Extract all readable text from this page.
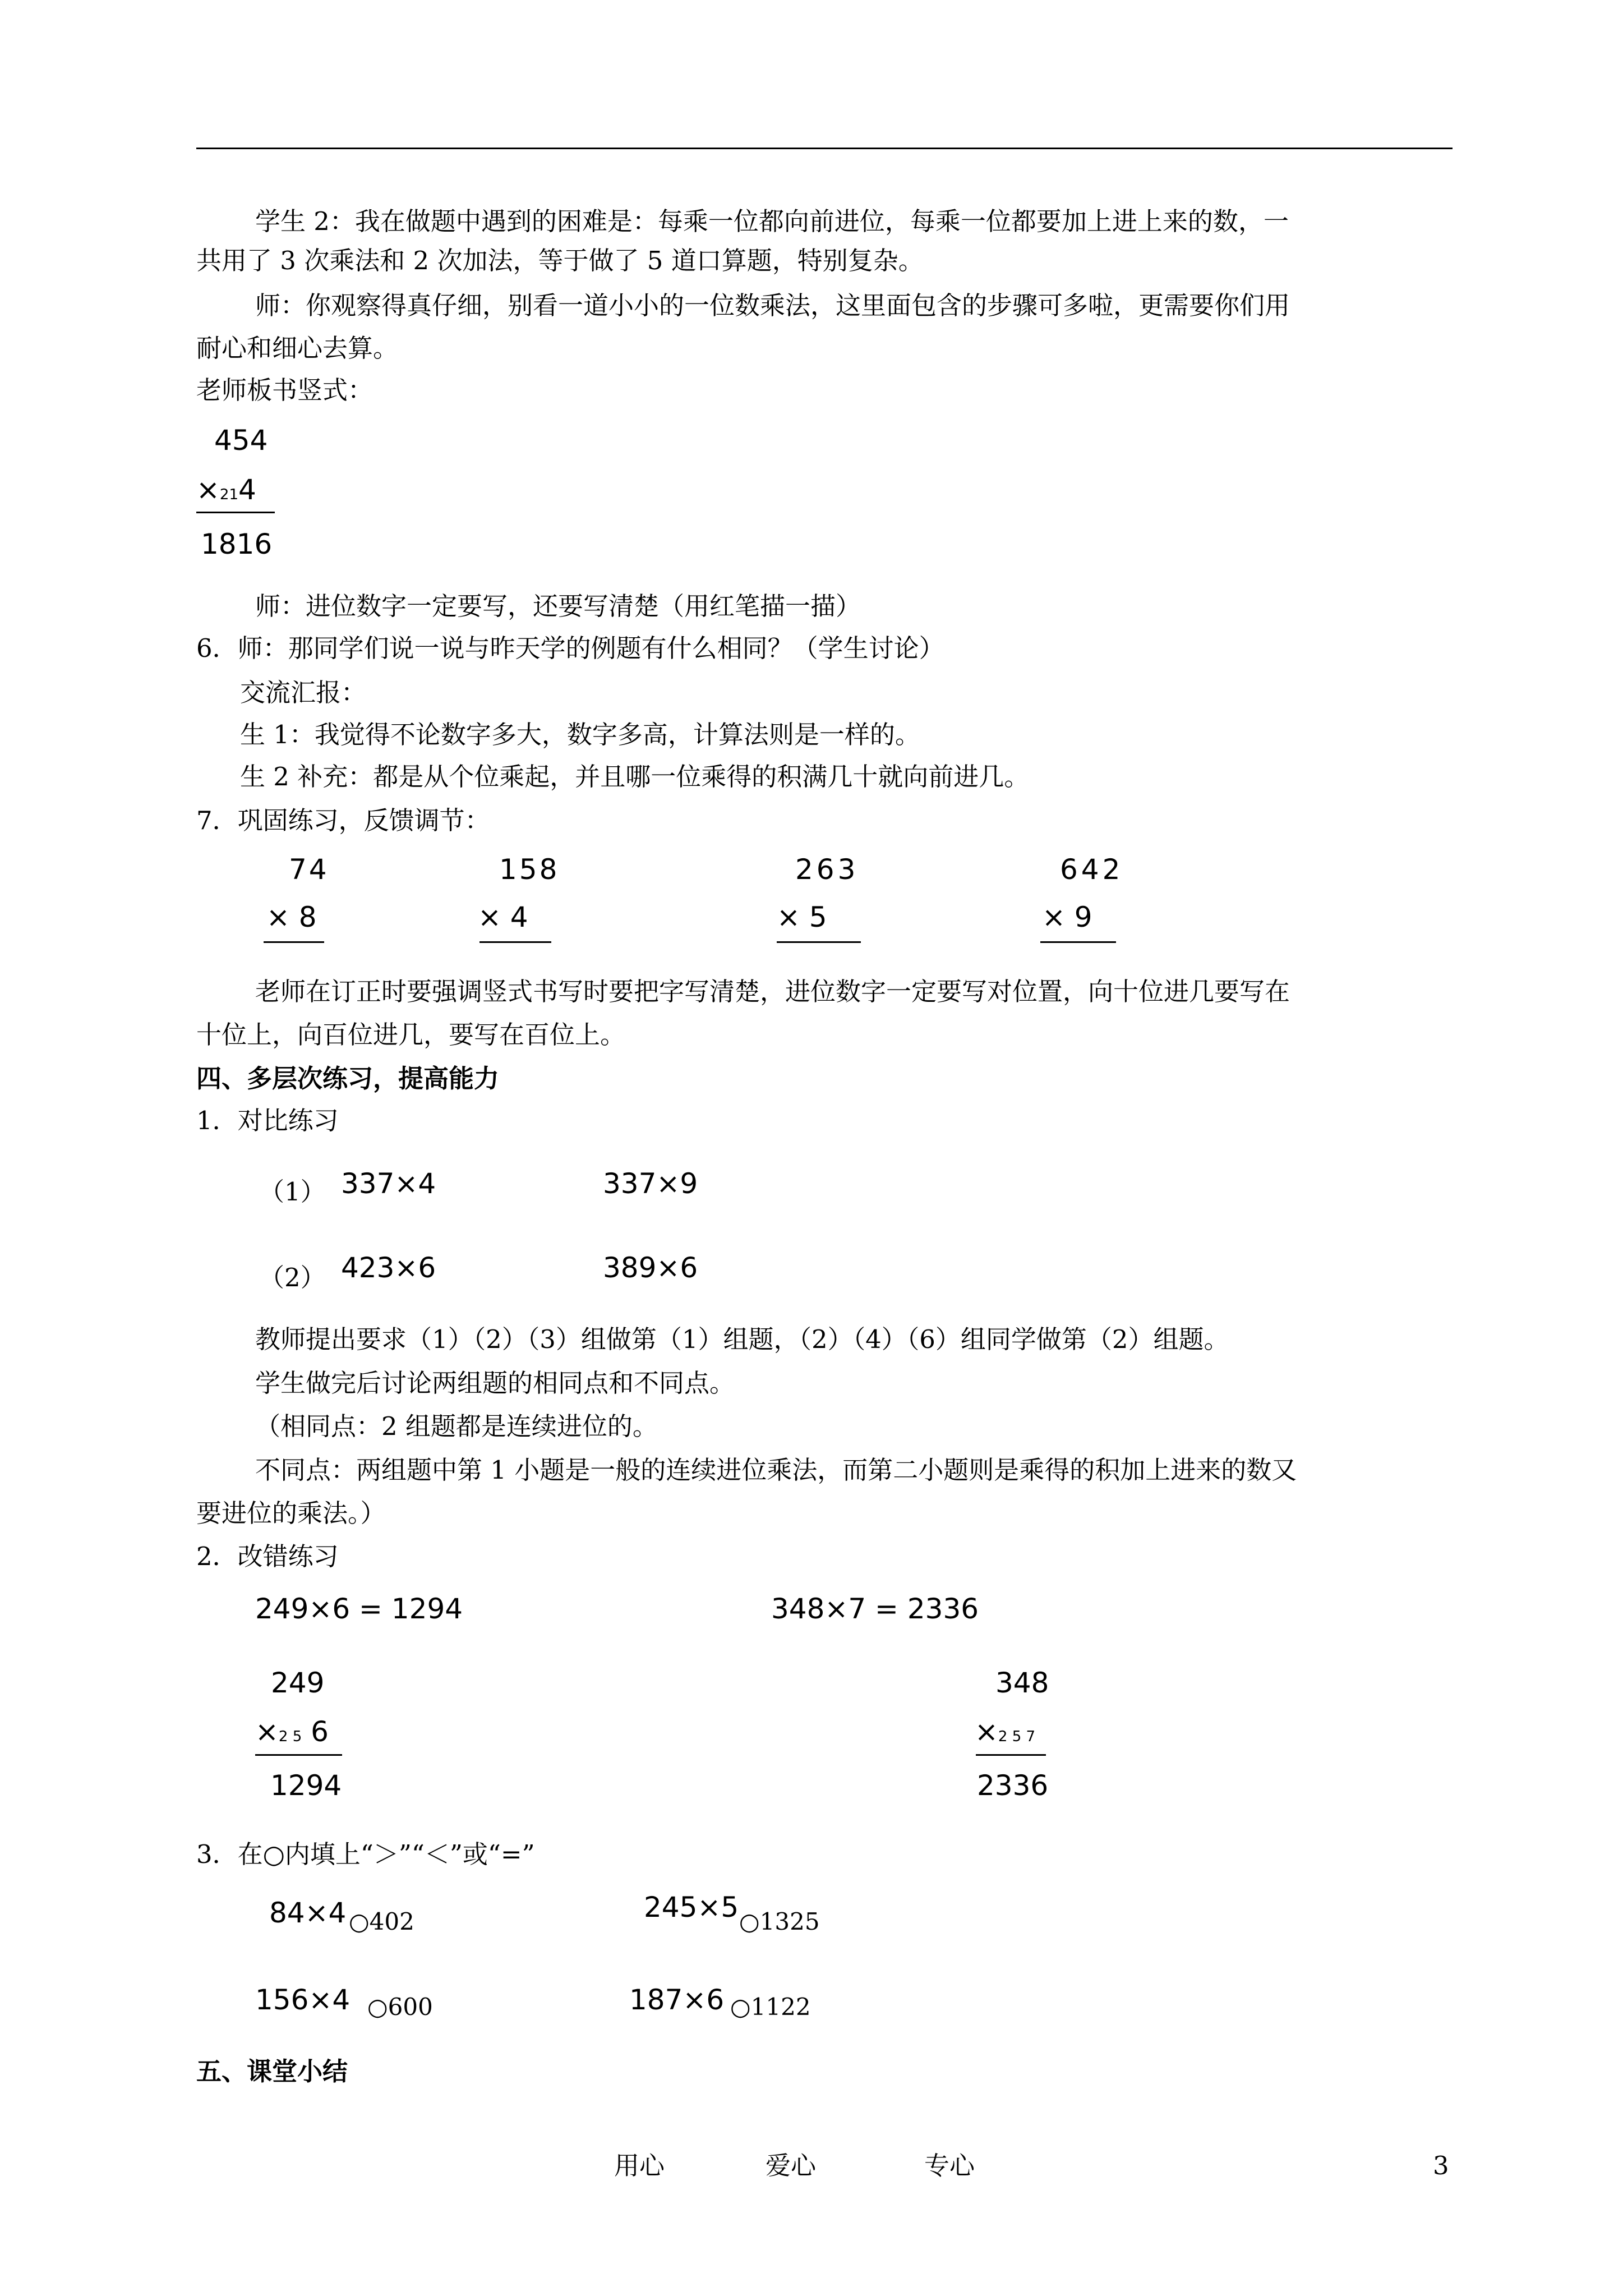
学生 2：我在做题中遇到的困难是：每乘一位都向前进位，每乘一位都要加上进上来的数，一
共用了 3 次乘法和 2 次加法，等于做了 5 道口算题，特别复杂。
师：你观察得真仔细，别看一道小小的一位数乘法，这里面包含的步骤可多啦，更需要你们用
耐心和细心去算。
老师板书竖式：
454
×214
1816
师：进位数字一定要写，还要写清楚（用红笔描一描）
6．师：那同学们说一说与昨天学的例题有什么相同？（学生讨论）
交流汇报：
生 1：我觉得不论数字多大，数字多高，计算法则是一样的。
生 2 补充：都是从个位乘起，并且哪一位乘得的积满几十就向前进几。
7．巩固练习，反馈调节：
74
× 8
158
× 4
263
× 5
642
× 9
老师在订正时要强调竖式书写时要把字写清楚，进位数字一定要写对位置，向十位进几要写在
十位上，向百位进几，要写在百位上。
四、多层次练习，提高能力
1．对比练习
（1） 337×4	337×9
（2） 423×6	389×6
教师提出要求（1）（2）（3）组做第（1）组题，（2）（4）（6）组同学做第（2）组题。
学生做完后讨论两组题的相同点和不同点。
（相同点：2 组题都是连续进位的。
不同点：两组题中第 1 小题是一般的连续进位乘法，而第二小题则是乘得的积加上进来的数又
要进位的乘法。）
2．改错练习
249×6 = 1294	348×7 = 2336
249
×2 5 6
1294
348
×2 5 7
2336
3．在○内填上“＞”“＜”或“=”
84×4 ○402	245×5 ○1325
156×4 ○600	187×6 ○1122
五、课堂小结
用心	爱心	专心	3
